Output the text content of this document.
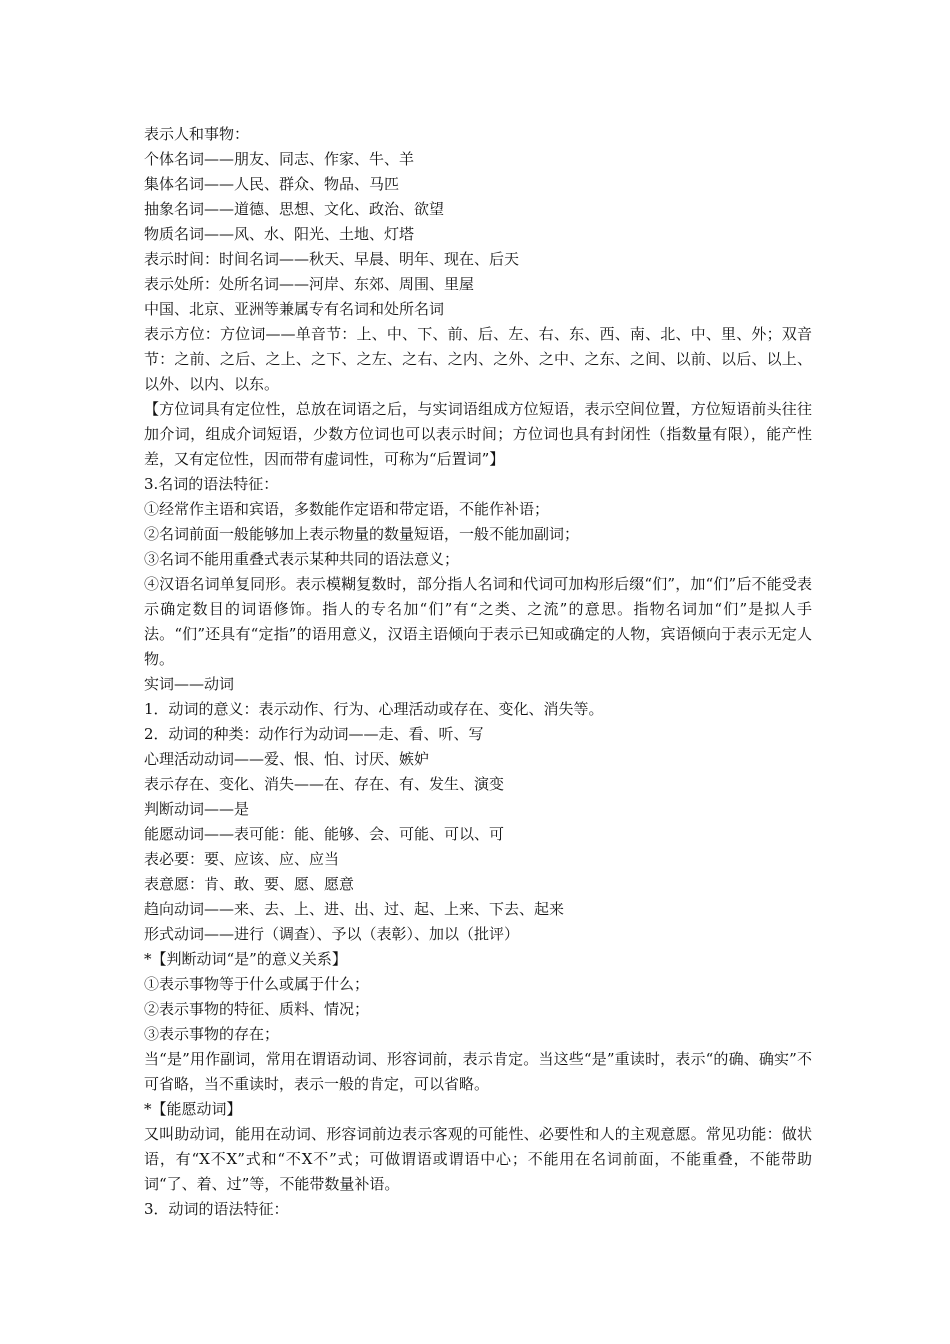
表示人和事物：
个体名词——朋友、同志、作家、牛、羊
集体名词——人民、群众、物品、马匹
抽象名词——道德、思想、文化、政治、欲望
物质名词——风、水、阳光、土地、灯塔
表示时间：时间名词——秋天、早晨、明年、现在、后天
表示处所：处所名词——河岸、东郊、周围、里屋
中国、北京、亚洲等兼属专有名词和处所名词
表示方位：方位词——单音节：上、中、下、前、后、左、右、东、西、南、北、中、里、外；双音节：之前、之后、之上、之下、之左、之右、之内、之外、之中、之东、之间、以前、以后、以上、以外、以内、以东。
【方位词具有定位性，总放在词语之后，与实词语组成方位短语，表示空间位置，方位短语前头往往加介词，组成介词短语，少数方位词也可以表示时间；方位词也具有封闭性（指数量有限），能产性差，又有定位性，因而带有虚词性，可称为“后置词”】
3.名词的语法特征：
①经常作主语和宾语，多数能作定语和带定语，不能作补语；
②名词前面一般能够加上表示物量的数量短语，一般不能加副词；
③名词不能用重叠式表示某种共同的语法意义；
④汉语名词单复同形。表示模糊复数时，部分指人名词和代词可加构形后缀“们”，加“们”后不能受表示确定数目的词语修饰。指人的专名加“们”有“之类、之流”的意思。指物名词加“们”是拟人手法。“们”还具有“定指”的语用意义，汉语主语倾向于表示已知或确定的人物，宾语倾向于表示无定人物。
实词——动词
1．动词的意义：表示动作、行为、心理活动或存在、变化、消失等。
2．动词的种类：动作行为动词——走、看、听、写
心理活动动词——爱、恨、怕、讨厌、嫉妒
表示存在、变化、消失——在、存在、有、发生、演变
判断动词——是
能愿动词——表可能：能、能够、会、可能、可以、可
表必要：要、应该、应、应当
表意愿：肯、敢、要、愿、愿意
趋向动词——来、去、上、进、出、过、起、上来、下去、起来
形式动词——进行（调查）、予以（表彰）、加以（批评）
*【判断动词“是”的意义关系】
①表示事物等于什么或属于什么；
②表示事物的特征、质料、情况；
③表示事物的存在；
当“是”用作副词，常用在谓语动词、形容词前，表示肯定。当这些“是”重读时，表示“的确、确实”不可省略，当不重读时，表示一般的肯定，可以省略。
*【能愿动词】
又叫助动词，能用在动词、形容词前边表示客观的可能性、必要性和人的主观意愿。常见功能：做状语，有“X不X”式和“不X不”式；可做谓语或谓语中心；不能用在名词前面，不能重叠，不能带助词“了、着、过”等，不能带数量补语。
3．动词的语法特征：
